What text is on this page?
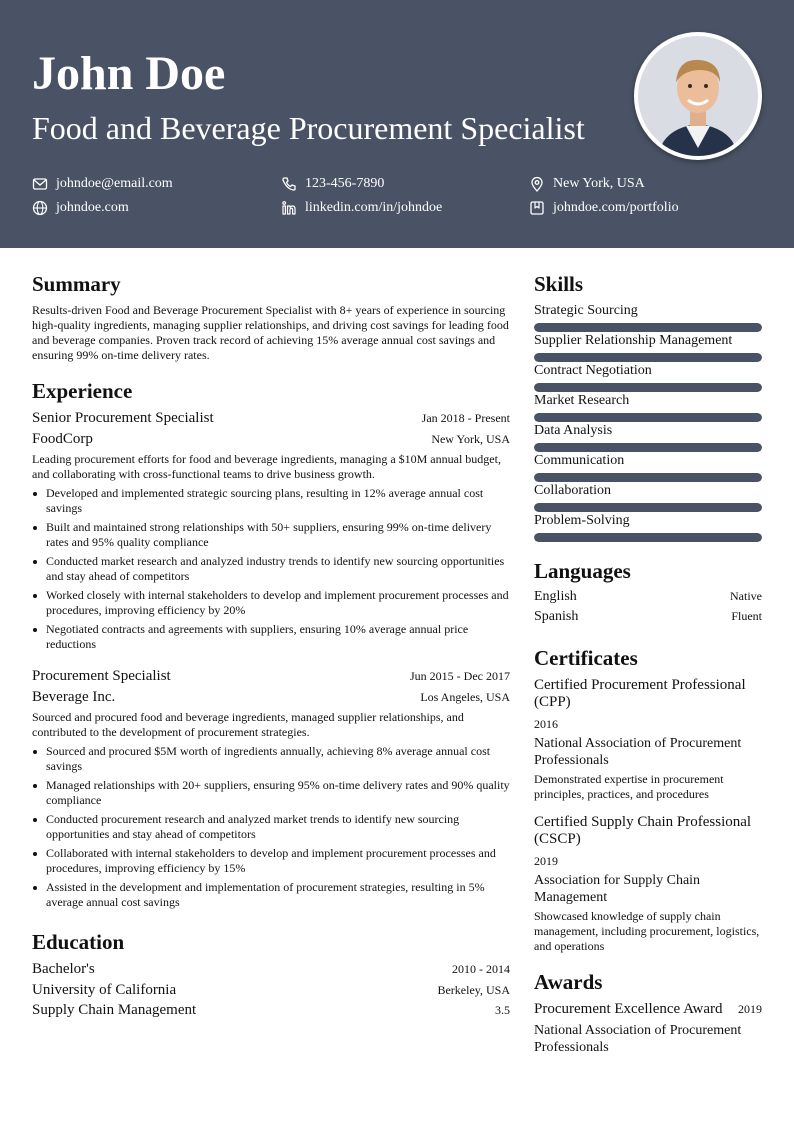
John Doe
Food and Beverage Procurement Specialist
johndoe@email.com	123-456-7890	New York, USA
johndoe.com	linkedin.com/in/johndoe	johndoe.com/portfolio
Summary
Results-driven Food and Beverage Procurement Specialist with 8+ years of experience in sourcing high-quality ingredients, managing supplier relationships, and driving cost savings for leading food and beverage companies. Proven track record of achieving 15% average annual cost savings and ensuring 99% on-time delivery rates.
Experience
Senior Procurement Specialist	Jan 2018 - Present
FoodCorp	New York, USA
Leading procurement efforts for food and beverage ingredients, managing a $10M annual budget, and collaborating with cross-functional teams to drive business growth.
Developed and implemented strategic sourcing plans, resulting in 12% average annual cost savings
Built and maintained strong relationships with 50+ suppliers, ensuring 99% on-time delivery rates and 95% quality compliance
Conducted market research and analyzed industry trends to identify new sourcing opportunities and stay ahead of competitors
Worked closely with internal stakeholders to develop and implement procurement processes and procedures, improving efficiency by 20%
Negotiated contracts and agreements with suppliers, ensuring 10% average annual price reductions
Procurement Specialist	Jun 2015 - Dec 2017
Beverage Inc.	Los Angeles, USA
Sourced and procured food and beverage ingredients, managed supplier relationships, and contributed to the development of procurement strategies.
Sourced and procured $5M worth of ingredients annually, achieving 8% average annual cost savings
Managed relationships with 20+ suppliers, ensuring 95% on-time delivery rates and 90% quality compliance
Conducted procurement research and analyzed market trends to identify new sourcing opportunities and stay ahead of competitors
Collaborated with internal stakeholders to develop and implement procurement processes and procedures, improving efficiency by 15%
Assisted in the development and implementation of procurement strategies, resulting in 5% average annual cost savings
Education
Bachelor's	2010 - 2014
University of California	Berkeley, USA
Supply Chain Management	3.5
Skills
Strategic Sourcing
Supplier Relationship Management
Contract Negotiation
Market Research
Data Analysis
Communication
Collaboration
Problem-Solving
Languages
English	Native
Spanish	Fluent
Certificates
Certified Procurement Professional (CPP)
2016
National Association of Procurement Professionals
Demonstrated expertise in procurement principles, practices, and procedures
Certified Supply Chain Professional (CSCP)
2019
Association for Supply Chain Management
Showcased knowledge of supply chain management, including procurement, logistics, and operations
Awards
Procurement Excellence Award 2019
National Association of Procurement Professionals
